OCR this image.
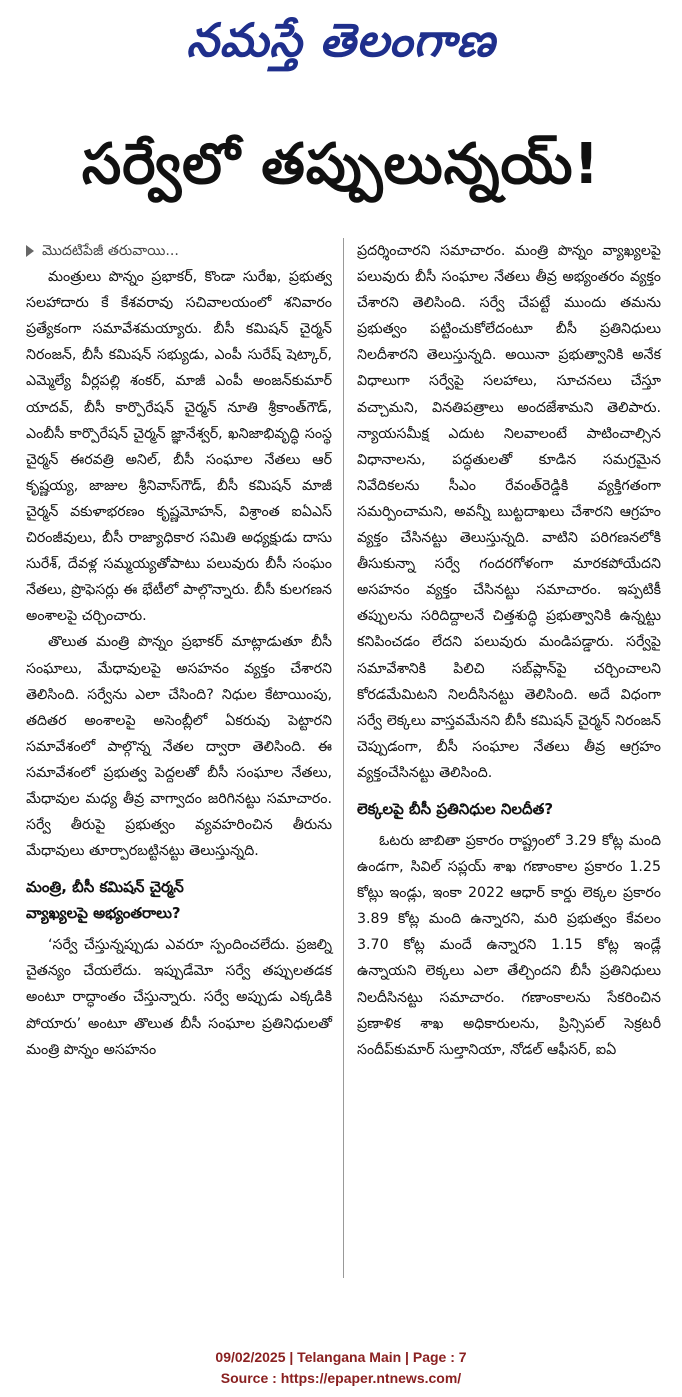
నమస్తే తెలంగాణ
సర్వేలో తప్పులున్నయ్‌!
మొదటిపేజీ తరువాయి...

మంత్రులు పొన్నం ప్రభాకర్‌, కొండా సురేఖ, ప్రభుత్వ సలహాదారు కే కేశవరావు సచివాలయంలో శనివారం ప్రత్యేకంగా సమావేశమయ్యారు. బీసీ కమిషన్‌ చైర్మన్‌ నిరంజన్‌, బీసీ కమిషన్‌ సభ్యుడు, ఎంపీ సురేష్‌ షెట్కార్‌, ఎమ్మెల్యే వీర్లపల్లి శంకర్‌, మాజీ ఎంపీ అంజన్‌కుమార్‌ యాదవ్‌, బీసీ కార్పొరేషన్‌ చైర్మన్‌ నూతి శ్రీకాంత్‌గౌడ్‌, ఎంబీసీ కార్పొరేషన్‌ చైర్మన్‌ జ్ఞానేశ్వర్‌, ఖనిజాభివృద్ధి సంస్థ చైర్మన్‌ ఈరవత్రి అనిల్‌, బీసీ సంఘాల నేతలు ఆర్‌ కృష్ణయ్య, జాజుల శ్రీనివాస్‌గౌడ్‌, బీసీ కమిషన్‌ మాజీ చైర్మన్‌ వకుళాభరణం కృష్ణమోహన్‌, విశ్రాంత ఐఏఎస్‌ చిరంజీవులు, బీసీ రాజ్యాధికార సమితి అధ్యక్షుడు దాసు సురేశ్‌, దేవళ్ల సమ్మయ్యతోపాటు పలువురు బీసీ సంఘం నేతలు, ప్రొఫెసర్లు ఈ భేటీలో పాల్గొన్నారు. బీసీ కులగణన అంశాలపై చర్చించారు.

తొలుత మంత్రి పొన్నం ప్రభాకర్‌ మాట్లాడుతూ బీసీ సంఘాలు, మేధావులపై అసహనం వ్యక్తం చేశారని తెలిసింది. సర్వేను ఎలా చేసింది? నిధుల కేటాయింపు, తదితర అంశాలపై అసెంబ్లీలో ఏకరువు పెట్టారని సమావేశంలో పాల్గొన్న నేతల ద్వారా తెలిసింది. ఈ సమావేశంలో ప్రభుత్వ పెద్దలతో బీసీ సంఘాల నేతలు, మేధావుల మధ్య తీవ్ర వాగ్వాదం జరిగినట్టు సమాచారం. సర్వే తీరుపై ప్రభుత్వం వ్యవహరించిన తీరును మేధావులు తూర్పారబట్టినట్టు తెలుస్తున్నది.

మంత్రి, బీసీ కమిషన్‌ చైర్మన్‌
వ్యాఖ్యలపై అభ్యంతరాలు?

‘సర్వే చేస్తున్నప్పుడు ఎవరూ స్పందించలేదు. ప్రజల్ని చైతన్యం చేయలేదు. ఇప్పుడేమో సర్వే తప్పులతడక అంటూ రాద్ధాంతం చేస్తున్నారు. సర్వే అప్పుడు ఎక్కడికి పోయారు’ అంటూ తొలుత బీసీ సంఘాల ప్రతినిధులతో మంత్రి పొన్నం అసహనం

ప్రదర్శించారని సమాచారం. మంత్రి పొన్నం వ్యాఖ్యలపై పలువురు బీసీ సంఘాల నేతలు తీవ్ర అభ్యంతరం వ్యక్తం చేశారని తెలిసింది. సర్వే చేపట్టే ముందు తమను ప్రభుత్వం పట్టించుకోలేదంటూ బీసీ ప్రతినిధులు నిలదీశారని తెలుస్తున్నది. అయినా ప్రభుత్వానికి అనేక విధాలుగా సర్వేపై సలహాలు, సూచనలు చేస్తూ వచ్చామని, వినతిపత్రాలు అందజేశామని తెలిపారు. న్యాయసమీక్ష ఎదుట నిలవాలంటే పాటించాల్సిన విధానాలను, పద్ధతులతో కూడిన సమగ్రమైన నివేదికలను సీఎం రేవంత్‌రెడ్డికి వ్యక్తిగతంగా సమర్పించామని, అవన్నీ బుట్టదాఖలు చేశారని ఆగ్రహం వ్యక్తం చేసినట్టు తెలుస్తున్నది. వాటిని పరిగణనలోకి తీసుకున్నా సర్వే గందరగోళంగా మారకపోయేదని అసహనం వ్యక్తం చేసినట్టు సమాచారం. ఇప్పటికీ తప్పులను సరిదిద్దాలనే చిత్తశుద్ధి ప్రభుత్వానికి ఉన్నట్టు కనిపించడం లేదని పలువురు మండిపడ్డారు. సర్వేపై సమావేశానికి పిలిచి సబ్‌ప్లాన్‌పై చర్చించాలని కోరడమేమిటని నిలదీసినట్టు తెలిసింది. అదే విధంగా సర్వే లెక్కలు వాస్తవమేనని బీసీ కమిషన్‌ చైర్మన్‌ నిరంజన్‌ చెప్పుడంగా, బీసీ సంఘాల నేతలు తీవ్ర ఆగ్రహం వ్యక్తంచేసినట్టు తెలిసింది.

లెక్కలపై బీసీ ప్రతినిధుల నిలదీత?

ఓటరు జాబితా ప్రకారం రాష్ట్రంలో 3.29 కోట్ల మంది ఉండగా, సివిల్‌ సప్లయ్‌ శాఖ గణాంకాల ప్రకారం 1.25 కోట్లు ఇండ్లు, ఇంకా 2022 ఆధార్‌ కార్డు లెక్కల ప్రకారం 3.89 కోట్ల మంది ఉన్నారని, మరి ప్రభుత్వం కేవలం 3.70 కోట్ల మందే ఉన్నారని 1.15 కోట్ల ఇండ్లే ఉన్నాయని లెక్కలు ఎలా తేల్చిందని బీసీ ప్రతినిధులు నిలదీసినట్టు సమాచారం. గణాంకాలను సేకరించిన ప్రణాళిక శాఖ అధికారులను, ప్రిన్సిపల్‌ సెక్రటరీ సందీప్‌కుమార్‌ సుల్తానియా, నోడల్‌ ఆఫీసర్‌, ఐఏ

09/02/2025 | Telangana Main | Page : 7
Source : https://epaper.ntnews.com/
